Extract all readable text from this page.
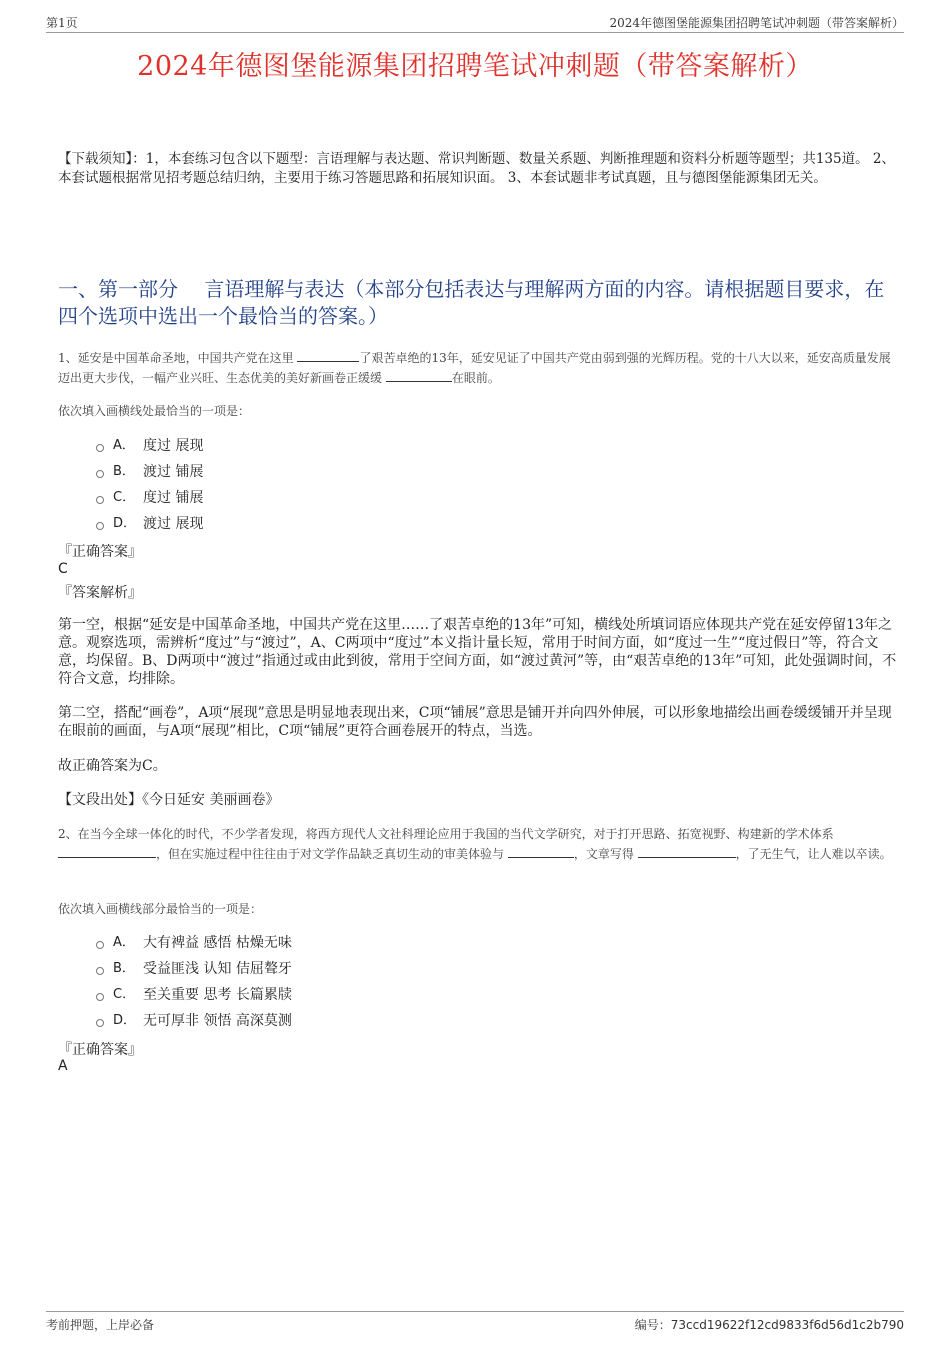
第1页	2024年德图堡能源集团招聘笔试冲刺题（带答案解析）
2024年德图堡能源集团招聘笔试冲刺题（带答案解析）
【下载须知】：1，本套练习包含以下题型：言语理解与表达题、常识判断题、数量关系题、判断推理题和资料分析题等题型；共135道。 2、本套试题根据常见招考题总结归纳，主要用于练习答题思路和拓展知识面。 3、本套试题非考试真题，且与德图堡能源集团无关。
一、第一部分　 言语理解与表达（本部分包括表达与理解两方面的内容。请根据题目要求，在四个选项中选出一个最恰当的答案。）
1、延安是中国革命圣地，中国共产党在这里	了艰苦卓绝的13年，延安见证了中国共产党由弱到强的光辉历程。党的十八大以来，延安高质量发展迈出更大步伐，一幅产业兴旺、生态优美的美好新画卷正缓缓	在眼前。
依次填入画横线处最恰当的一项是：
A． 度过 展现
B． 渡过 铺展
C． 度过 铺展
D． 渡过 展现
『正确答案』
C
『答案解析』
第一空，根据“延安是中国革命圣地，中国共产党在这里……了艰苦卓绝的13年”可知，横线处所填词语应体现共产党在延安停留13年之意。观察选项，需辨析“度过”与“渡过”，A、C两项中“度过”本义指计量长短，常用于时间方面，如“度过一生”“度过假日”等，符合文意，均保留。B、D两项中“渡过”指通过或由此到彼，常用于空间方面，如“渡过黄河”等，由“艰苦卓绝的13年”可知，此处强调时间，不符合文意，均排除。
第二空，搭配“画卷”，A项“展现”意思是明显地表现出来，C项“铺展”意思是铺开并向四外伸展，可以形象地描绘出画卷缓缓铺开并呈现在眼前的画面，与A项“展现”相比，C项“铺展”更符合画卷展开的特点，当选。
故正确答案为C。
【文段出处】《今日延安 美丽画卷》
2、在当今全球一体化的时代，不少学者发现，将西方现代人文社科理论应用于我国的当代文学研究，对于打开思路、拓宽视野、构建新的学术体系 ，但在实施过程中往往由于对文学作品缺乏真切生动的审美体验与	，文章写得	，了无生气，让人难以卒读。
依次填入画横线部分最恰当的一项是：
A． 大有裨益 感悟 枯燥无味
B． 受益匪浅 认知 佶屈聱牙
C． 至关重要 思考 长篇累牍
D． 无可厚非 领悟 高深莫测
『正确答案』
A
考前押题，上岸必备	编号：73ccd19622f12cd9833f6d56d1c2b790
